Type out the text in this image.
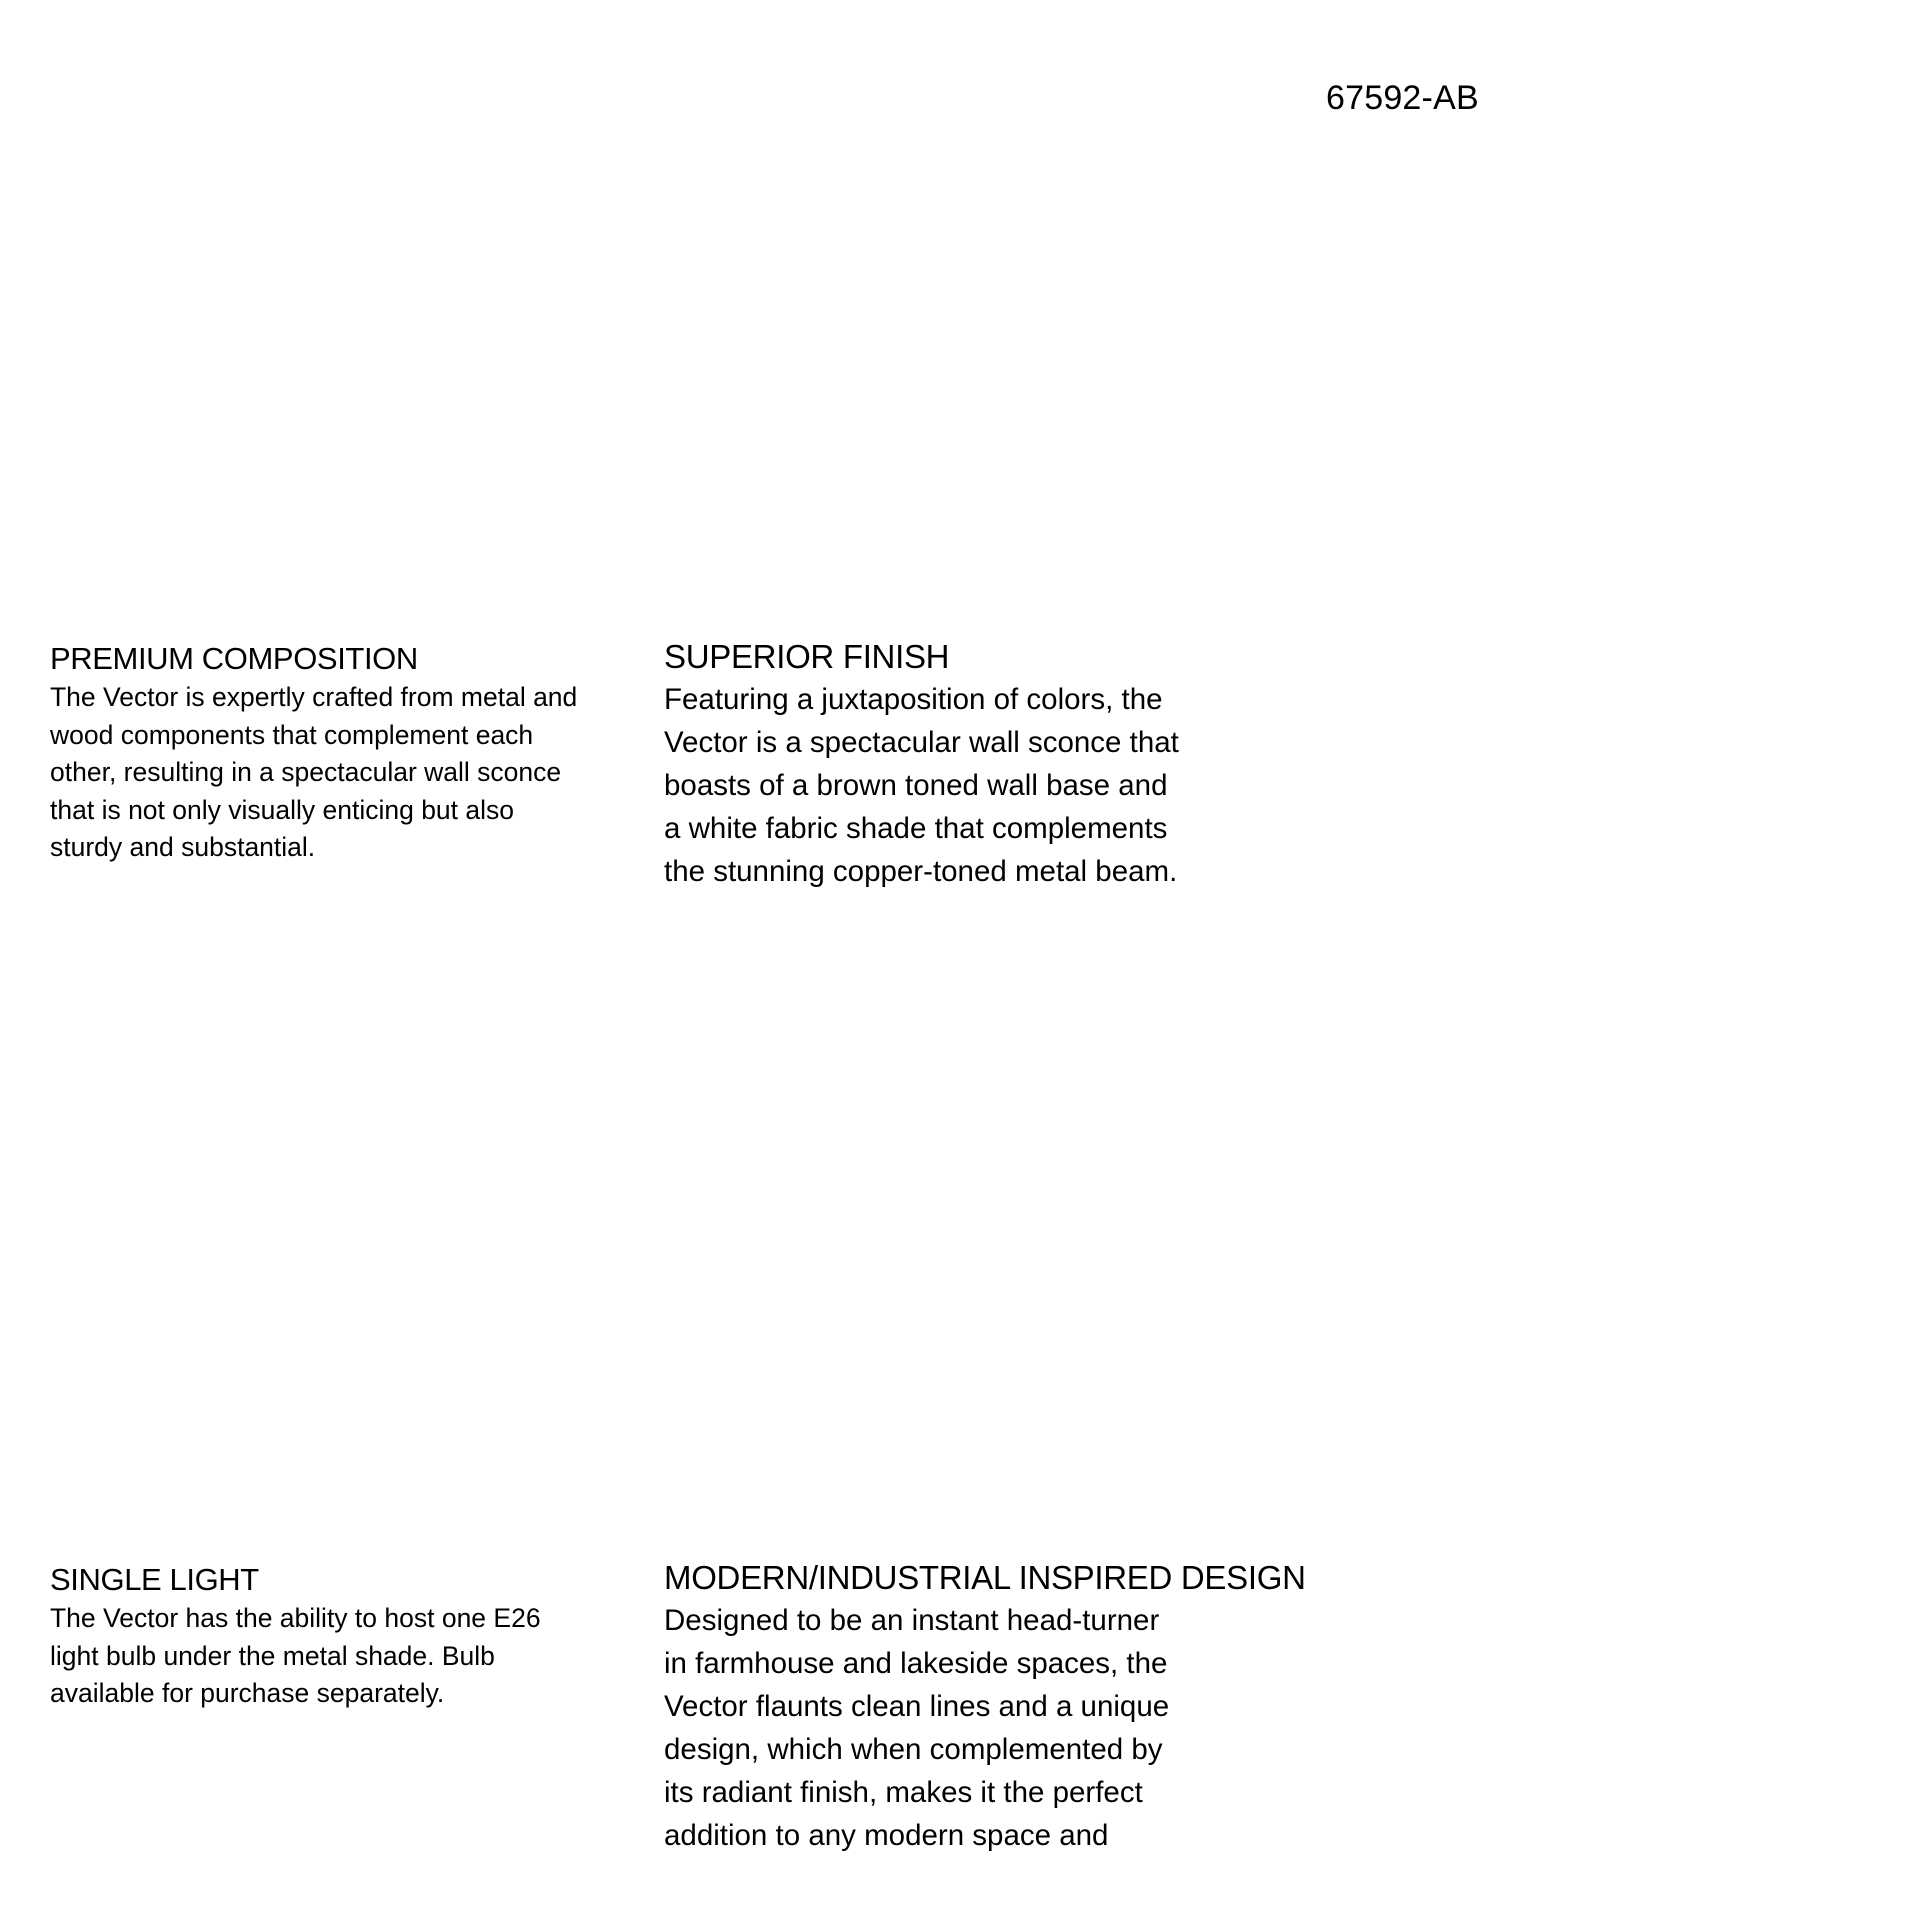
67592-AB
PREMIUM COMPOSITION

The Vector is expertly crafted from metal and
wood components that complement each
other, resulting in a spectacular wall sconce
that is not only visually enticing but also
sturdy and substantial.

SUPERIOR FINISH

Featuring a juxtaposition of colors, the
Vector is a spectacular wall sconce that
boasts of a brown toned wall base and
a white fabric shade that complements
the stunning copper-toned metal beam.

SINGLE LIGHT

The Vector has the ability to host one E26
light bulb under the metal shade. Bulb
available for purchase separately.

MODERN/INDUSTRIAL INSPIRED DESIGN

Designed to be an instant head-turner
in farmhouse and lakeside spaces, the
Vector flaunts clean lines and a unique
design, which when complemented by
its radiant finish, makes it the perfect
addition to any modern space and
